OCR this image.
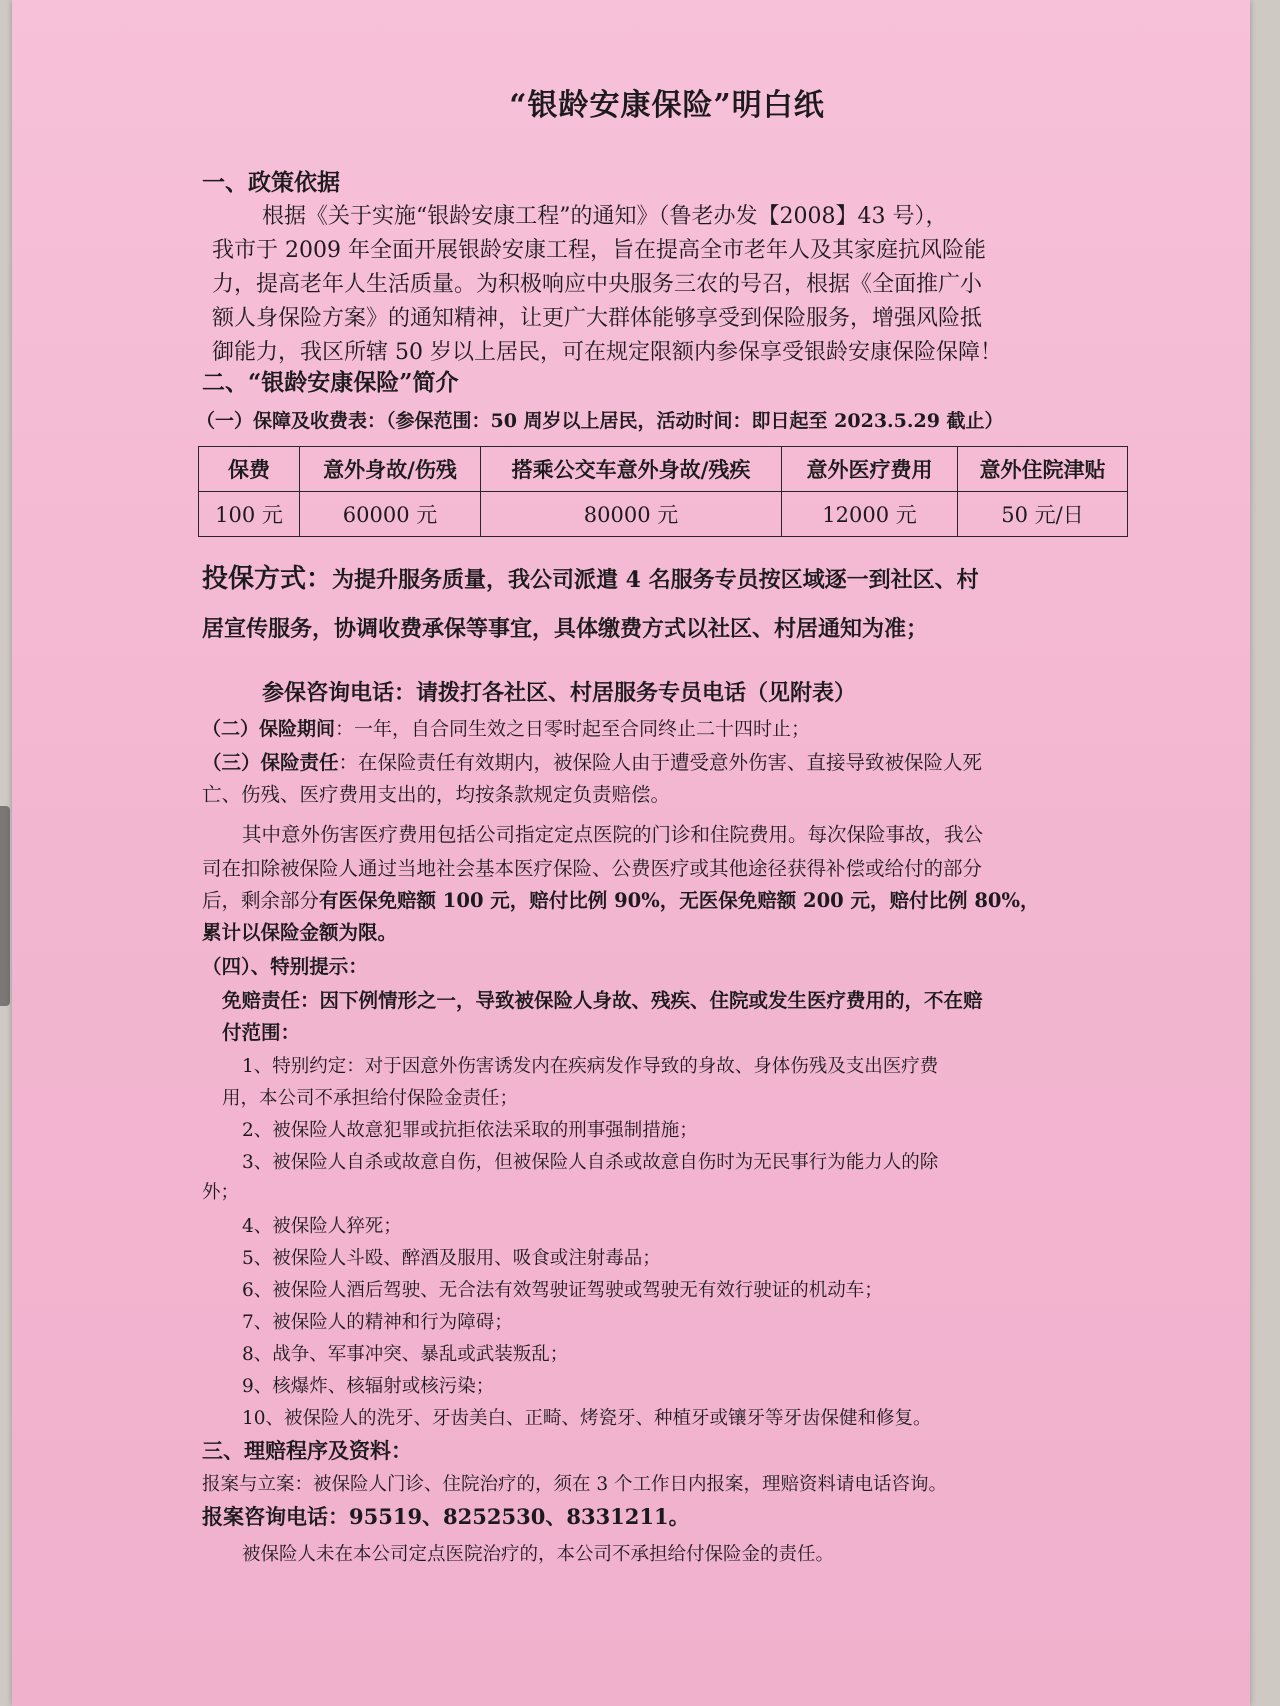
“银龄安康保险”明白纸
一、政策依据
根据《关于实施“银龄安康工程”的通知》（鲁老办发【2008】43 号），
我市于 2009 年全面开展银龄安康工程，旨在提高全市老年人及其家庭抗风险能
力，提高老年人生活质量。为积极响应中央服务三农的号召，根据《全面推广小
额人身保险方案》的通知精神，让更广大群体能够享受到保险服务，增强风险抵
御能力，我区所辖 50 岁以上居民，可在规定限额内参保享受银龄安康保险保障！
二、“银龄安康保险”简介
（一）保障及收费表：（参保范围：50 周岁以上居民，活动时间：即日起至 2023.5.29 截止）
保费	意外身故/伤残	搭乘公交车意外身故/残疾	意外医疗费用	意外住院津贴
100 元	60000 元	80000 元	12000 元	50 元/日
投保方式：为提升服务质量，我公司派遣 4 名服务专员按区域逐一到社区、村
居宣传服务，协调收费承保等事宜，具体缴费方式以社区、村居通知为准；
参保咨询电话：请拨打各社区、村居服务专员电话（见附表）
（二）保险期间：一年，自合同生效之日零时起至合同终止二十四时止；
（三）保险责任：在保险责任有效期内，被保险人由于遭受意外伤害、直接导致被保险人死
亡、伤残、医疗费用支出的，均按条款规定负责赔偿。
其中意外伤害医疗费用包括公司指定定点医院的门诊和住院费用。每次保险事故，我公
司在扣除被保险人通过当地社会基本医疗保险、公费医疗或其他途径获得补偿或给付的部分
后，剩余部分有医保免赔额 100 元，赔付比例 90%，无医保免赔额 200 元，赔付比例 80%，
累计以保险金额为限。
（四）、特别提示：
免赔责任：因下例情形之一，导致被保险人身故、残疾、住院或发生医疗费用的，不在赔
付范围：
1、特别约定：对于因意外伤害诱发内在疾病发作导致的身故、身体伤残及支出医疗费
用，本公司不承担给付保险金责任；
2、被保险人故意犯罪或抗拒依法采取的刑事强制措施；
3、被保险人自杀或故意自伤，但被保险人自杀或故意自伤时为无民事行为能力人的除
外；
4、被保险人猝死；
5、被保险人斗殴、醉酒及服用、吸食或注射毒品；
6、被保险人酒后驾驶、无合法有效驾驶证驾驶或驾驶无有效行驶证的机动车；
7、被保险人的精神和行为障碍；
8、战争、军事冲突、暴乱或武装叛乱；
9、核爆炸、核辐射或核污染；
10、被保险人的洗牙、牙齿美白、正畸、烤瓷牙、种植牙或镶牙等牙齿保健和修复。
三、理赔程序及资料：
报案与立案：被保险人门诊、住院治疗的，须在 3 个工作日内报案，理赔资料请电话咨询。
报案咨询电话：95519、8252530、8331211。
被保险人未在本公司定点医院治疗的，本公司不承担给付保险金的责任。
